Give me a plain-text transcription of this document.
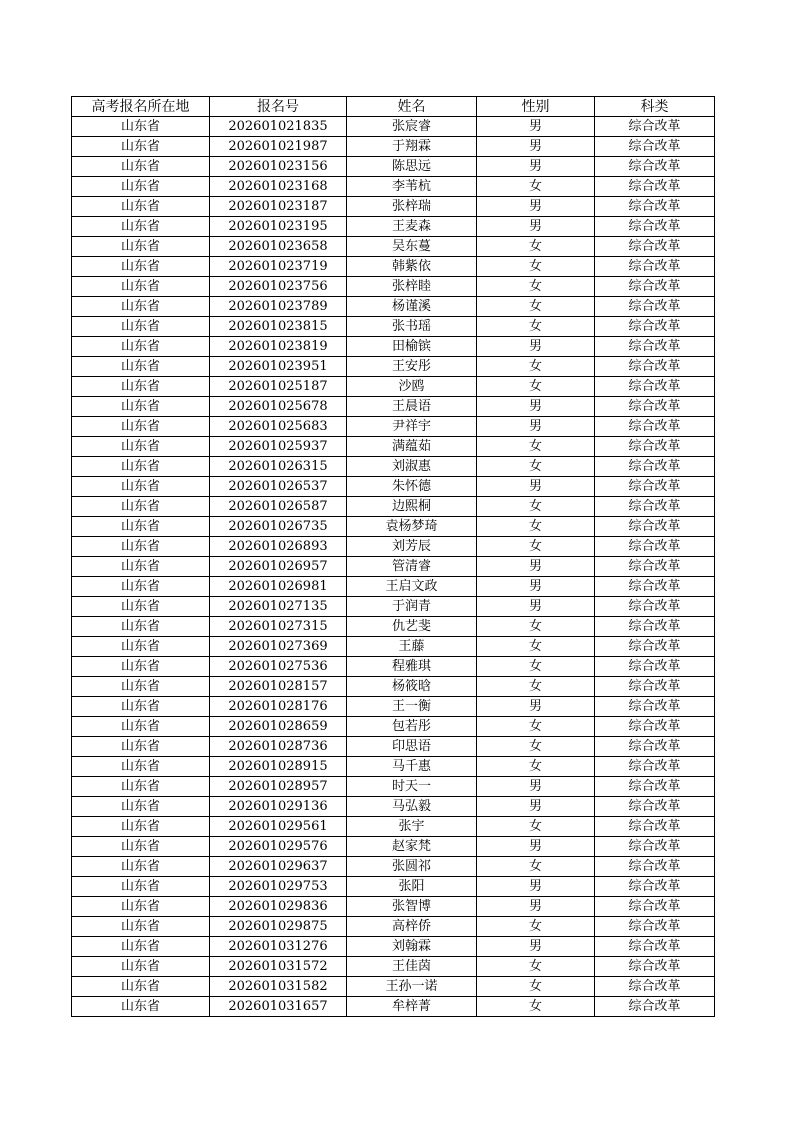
高考报名所在地	报名号	姓名	性别	科类
山东省	202601021835	张宸睿	男	综合改革
山东省	202601021987	于翔霖	男	综合改革
山东省	202601023156	陈思远	男	综合改革
山东省	202601023168	李苇杭	女	综合改革
山东省	202601023187	张梓瑞	男	综合改革
山东省	202601023195	王麦森	男	综合改革
山东省	202601023658	吴东蔓	女	综合改革
山东省	202601023719	韩紫依	女	综合改革
山东省	202601023756	张梓睦	女	综合改革
山东省	202601023789	杨谨溪	女	综合改革
山东省	202601023815	张书瑶	女	综合改革
山东省	202601023819	田榆镔	男	综合改革
山东省	202601023951	王安彤	女	综合改革
山东省	202601025187	沙鸥	女	综合改革
山东省	202601025678	王晨语	男	综合改革
山东省	202601025683	尹祥宇	男	综合改革
山东省	202601025937	满蕴茹	女	综合改革
山东省	202601026315	刘淑惠	女	综合改革
山东省	202601026537	朱怀德	男	综合改革
山东省	202601026587	边熙桐	女	综合改革
山东省	202601026735	袁杨梦琦	女	综合改革
山东省	202601026893	刘芳辰	女	综合改革
山东省	202601026957	管清睿	男	综合改革
山东省	202601026981	王启文政	男	综合改革
山东省	202601027135	于润青	男	综合改革
山东省	202601027315	仇艺斐	女	综合改革
山东省	202601027369	王藤	女	综合改革
山东省	202601027536	程雅琪	女	综合改革
山东省	202601028157	杨筱晗	女	综合改革
山东省	202601028176	王一衡	男	综合改革
山东省	202601028659	包若彤	女	综合改革
山东省	202601028736	印思语	女	综合改革
山东省	202601028915	马千惠	女	综合改革
山东省	202601028957	时天一	男	综合改革
山东省	202601029136	马弘毅	男	综合改革
山东省	202601029561	张宇	女	综合改革
山东省	202601029576	赵家梵	男	综合改革
山东省	202601029637	张圆祁	女	综合改革
山东省	202601029753	张阳	男	综合改革
山东省	202601029836	张智博	男	综合改革
山东省	202601029875	高梓侨	女	综合改革
山东省	202601031276	刘翰霖	男	综合改革
山东省	202601031572	王佳茵	女	综合改革
山东省	202601031582	王孙一诺	女	综合改革
山东省	202601031657	牟梓菁	女	综合改革
